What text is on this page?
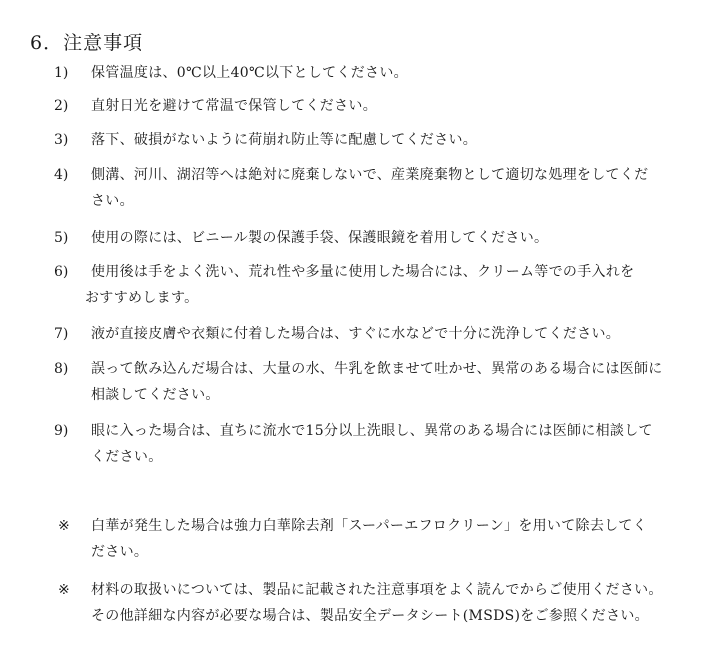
6．注意事項
1) 保管温度は、0℃以上40℃以下としてください。
2) 直射日光を避けて常温で保管してください。
3) 落下、破損がないように荷崩れ防止等に配慮してください。
4) 側溝、河川、湖沼等へは絶対に廃棄しないで、産業廃棄物として適切な処理をしてくだ
さい。
5) 使用の際には、ビニール製の保護手袋、保護眼鏡を着用してください。
6) 使用後は手をよく洗い、荒れ性や多量に使用した場合には、クリーム等での手入れを
おすすめします。
7) 液が直接皮膚や衣類に付着した場合は、すぐに水などで十分に洗浄してください。
8) 誤って飲み込んだ場合は、大量の水、牛乳を飲ませて吐かせ、異常のある場合には医師に
相談してください。
9) 眼に入った場合は、直ちに流水で15分以上洗眼し、異常のある場合には医師に相談して
ください。
※ 白華が発生した場合は強力白華除去剤「スーパーエフロクリーン」を用いて除去してく
ださい。
※ 材料の取扱いについては、製品に記載された注意事項をよく読んでからご使用ください。
その他詳細な内容が必要な場合は、製品安全データシート(MSDS)をご参照ください。
